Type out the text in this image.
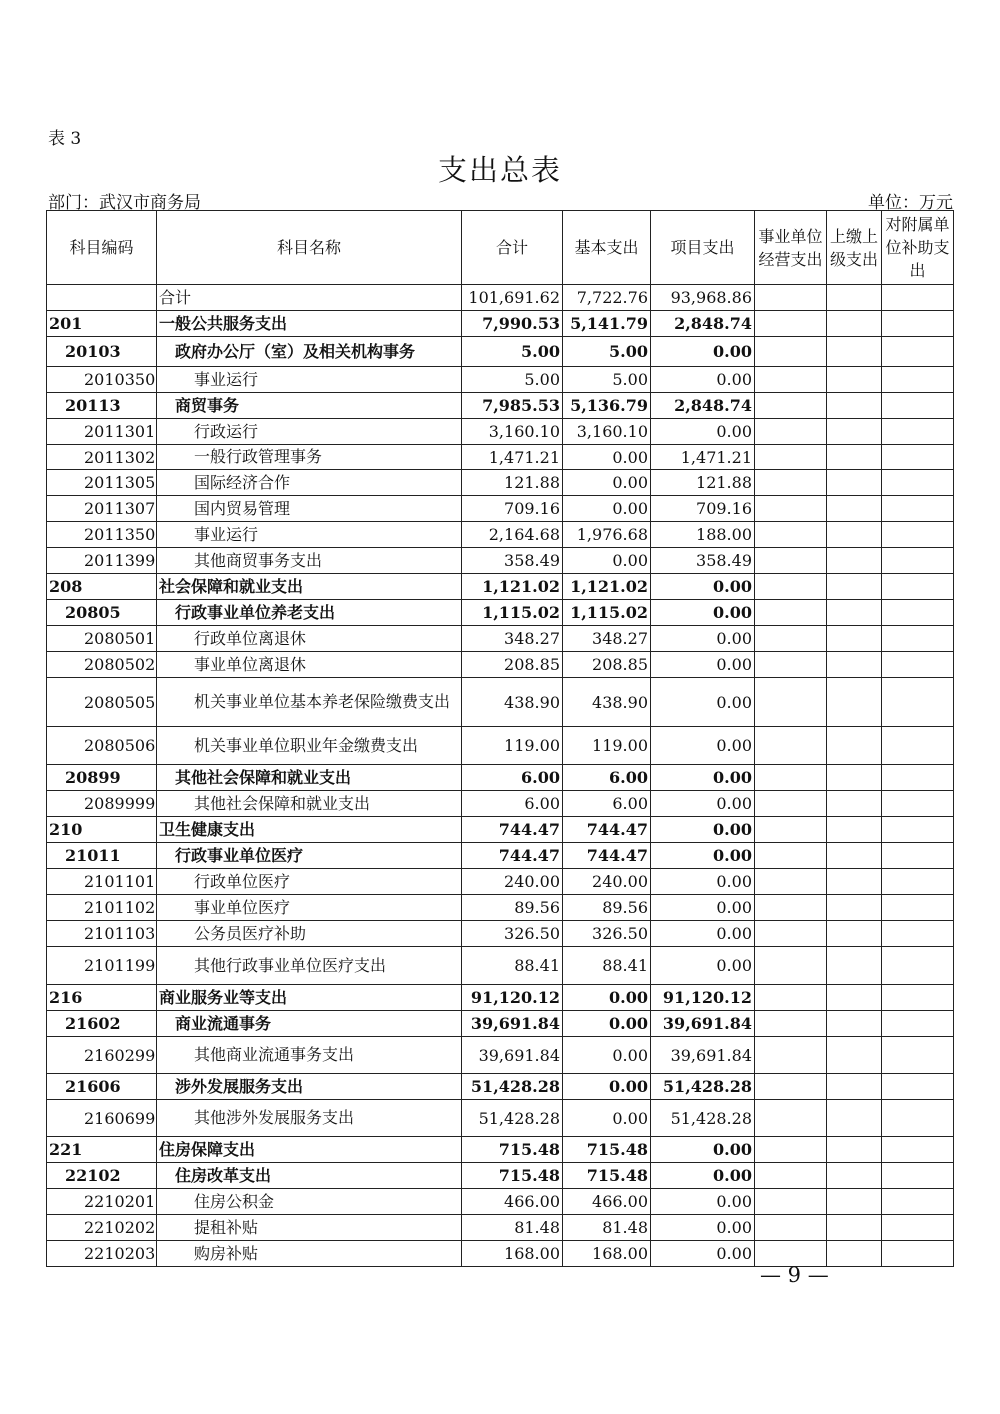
表 3
支出总表
部门：武汉市商务局	单位：万元
科目编码	科目名称	合计	基本支出	项目支出	事业单位经营支出	上缴上级支出	对附属单位补助支出
	合计	101,691.62	7,722.76	93,968.86			
201	一般公共服务支出	7,990.53	5,141.79	2,848.74			
20103	政府办公厅（室）及相关机构事务	5.00	5.00	0.00			
2010350	事业运行	5.00	5.00	0.00			
20113	商贸事务	7,985.53	5,136.79	2,848.74			
2011301	行政运行	3,160.10	3,160.10	0.00			
2011302	一般行政管理事务	1,471.21	0.00	1,471.21			
2011305	国际经济合作	121.88	0.00	121.88			
2011307	国内贸易管理	709.16	0.00	709.16			
2011350	事业运行	2,164.68	1,976.68	188.00			
2011399	其他商贸事务支出	358.49	0.00	358.49			
208	社会保障和就业支出	1,121.02	1,121.02	0.00			
20805	行政事业单位养老支出	1,115.02	1,115.02	0.00			
2080501	行政单位离退休	348.27	348.27	0.00			
2080502	事业单位离退休	208.85	208.85	0.00			
2080505	机关事业单位基本养老保险缴费支出	438.90	438.90	0.00			
2080506	机关事业单位职业年金缴费支出	119.00	119.00	0.00			
20899	其他社会保障和就业支出	6.00	6.00	0.00			
2089999	其他社会保障和就业支出	6.00	6.00	0.00			
210	卫生健康支出	744.47	744.47	0.00			
21011	行政事业单位医疗	744.47	744.47	0.00			
2101101	行政单位医疗	240.00	240.00	0.00			
2101102	事业单位医疗	89.56	89.56	0.00			
2101103	公务员医疗补助	326.50	326.50	0.00			
2101199	其他行政事业单位医疗支出	88.41	88.41	0.00			
216	商业服务业等支出	91,120.12	0.00	91,120.12			
21602	商业流通事务	39,691.84	0.00	39,691.84			
2160299	其他商业流通事务支出	39,691.84	0.00	39,691.84			
21606	涉外发展服务支出	51,428.28	0.00	51,428.28			
2160699	其他涉外发展服务支出	51,428.28	0.00	51,428.28			
221	住房保障支出	715.48	715.48	0.00			
22102	住房改革支出	715.48	715.48	0.00			
2210201	住房公积金	466.00	466.00	0.00			
2210202	提租补贴	81.48	81.48	0.00			
2210203	购房补贴	168.00	168.00	0.00			
— 9 —
